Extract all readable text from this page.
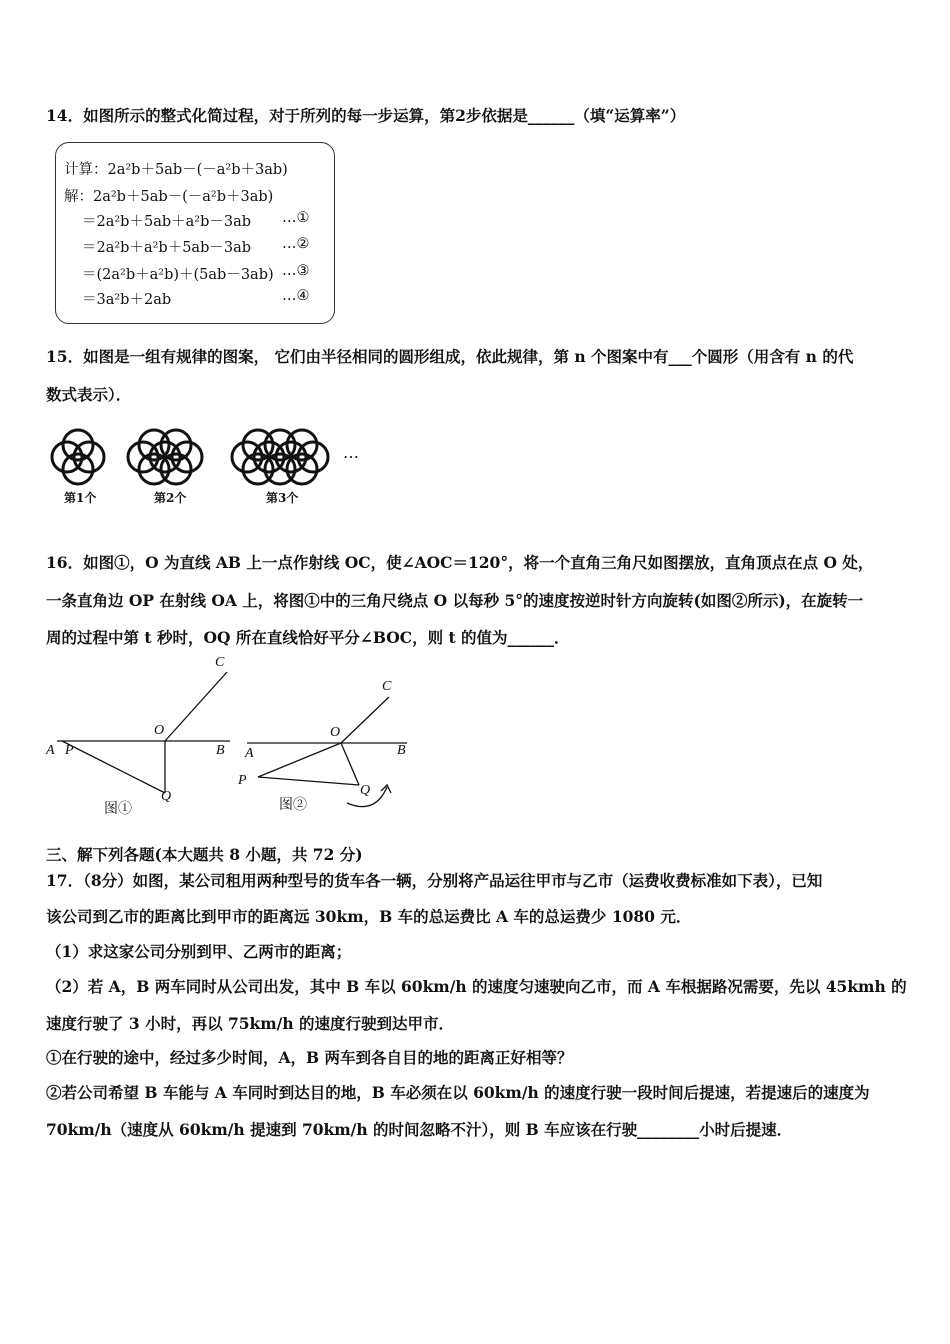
14．如图所示的整式化简过程，对于所列的每一步运算，第2步依据是______（填“运算率”）
计算：2a²b＋5ab－(－a²b＋3ab)
解：2a²b＋5ab－(－a²b＋3ab)
＝2a²b＋5ab＋a²b－3ab …①
＝2a²b＋a²b＋5ab－3ab …②
＝(2a²b＋a²b)＋(5ab－3ab) …③
＝3a²b＋2ab	…④
15．如图是一组有规律的图案， 它们由半径相同的圆形组成，依此规律，第 n 个图案中有___个圆形（用含有 n 的代
数式表示）．
…
第1个	第2个	第3个
16．如图①，O 为直线 AB 上一点作射线 OC，使∠AOC＝120°，将一个直角三角尺如图摆放，直角顶点在点 O 处，
一条直角边 OP 在射线 OA 上，将图①中的三角尺绕点 O 以每秒 5°的速度按逆时针方向旋转(如图②所示)，在旋转一
周的过程中第 t 秒时，OQ 所在直线恰好平分∠BOC，则 t 的值为______．
A P
O
B
C
Q
图①
A
P
O
B
C
Q
图②
三、解下列各题(本大题共 8 小题，共 72 分)
17．（8分）如图，某公司租用两种型号的货车各一辆，分别将产品运往甲市与乙市（运费收费标准如下表），已知
该公司到乙市的距离比到甲市的距离远 30km，B 车的总运费比 A 车的总运费少 1080 元．
（1）求这家公司分别到甲、乙两市的距离；
（2）若 A，B 两车同时从公司出发，其中 B 车以 60km/h 的速度匀速驶向乙市，而 A 车根据路况需要，先以 45kmh 的
速度行驶了 3 小时，再以 75km/h 的速度行驶到达甲市．
①在行驶的途中，经过多少时间，A，B 两车到各自目的地的距离正好相等？
②若公司希望 B 车能与 A 车同时到达目的地，B 车必须在以 60km/h 的速度行驶一段时间后提速，若提速后的速度为
70km/h（速度从 60km/h 提速到 70km/h 的时间忽略不汁），则 B 车应该在行驶________小时后提速．
